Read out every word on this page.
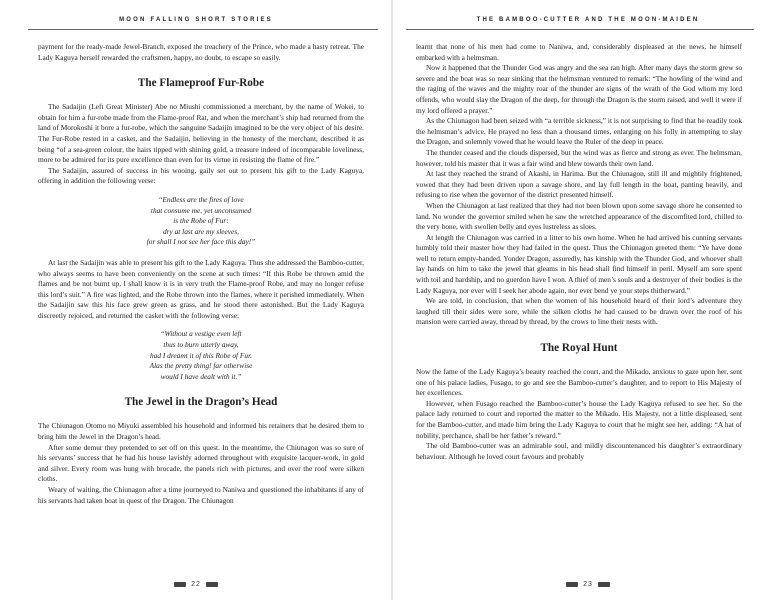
MOON FALLING SHORT STORIES

payment for the ready-made Jewel-Branch, exposed the treachery of the Prince, who made a hasty retreat. The Lady Kaguya herself rewarded the craftsmen, happy, no doubt, to escape so easily.

The Flameproof Fur-Robe

The Sadaijin (Left Great Minister) Abe no Miushi commissioned a merchant, by the name of Wokei, to obtain for him a fur-robe made from the Flame-proof Rat, and when the merchant’s ship had returned from the land of Morokoshi it bore a fur-robe, which the sanguine Sadaijin imagined to be the very object of his desire. The Fur-Robe rested in a casket, and the Sadaijin, believing in the honesty of the merchant, described it as being “of a sea-green colour, the hairs tipped with shining gold, a treasure indeed of incomparable loveliness, more to be admired for its pure excellence than even for its virtue in resisting the flame of fire.”

The Sadaijin, assured of success in his wooing, gaily set out to present his gift to the Lady Kaguya, offering in addition the following verse:

“Endless are the fires of love
that consume me, yet unconsumed
is the Robe of Fur:
dry at last are my sleeves,
for shall I not see her face this day!”

At last the Sadaijin was able to present his gift to the Lady Kaguya. Thus she addressed the Bamboo-cutter, who always seems to have been conveniently on the scene at such times: “If this Robe be thrown amid the flames and be not burnt up, I shall know it is in very truth the Flame-proof Robe, and may no longer refuse this lord’s suit.” A fire was lighted, and the Robe thrown into the flames, where it perished immediately. When the Sadaijin saw this his face grew green as grass, and he stood there astonished. But the Lady Kaguya discreetly rejoiced, and returned the casket with the following verse:

“Without a vestige even left
thus to burn utterly away,
had I dreamt it of this Robe of Fur.
Alas the pretty thing! far otherwise
would I have dealt with it.”
The Jewel in the Dragon’s Head

The Chiunagon Otomo no Miyuki assembled his household and informed his retainers that he desired them to bring him the Jewel in the Dragon’s head.

After some demur they pretended to set off on this quest. In the meantime, the Chiunagon was so sure of his servants’ success that he had his house lavishly adorned throughout with exquisite lacquer-work, in gold and silver. Every room was hung with brocade, the panels rich with pictures, and over the roof were silken cloths.

Weary of waiting, the Chiunagon after a time journeyed to Naniwa and questioned the inhabitants if any of his servants had taken boat in quest of the Dragon. The Chiunagon

22
THE BAMBOO-CUTTER AND THE MOON-MAIDEN

learnt that none of his men had come to Naniwa, and, considerably displeased at the news, he himself embarked with a helmsman.

Now it happened that the Thunder God was angry and the sea ran high. After many days the storm grew so severe and the boat was so near sinking that the helmsman ventured to remark: “The howling of the wind and the raging of the waves and the mighty roar of the thunder are signs of the wrath of the God whom my lord offends, who would slay the Dragon of the deep, for through the Dragon is the storm raised, and well it were if my lord offered a prayer.”

As the Chiunagon had been seized with “a terrible sickness,” it is not surprising to find that he readily took the helmsman’s advice. He prayed no less than a thousand times, enlarging on his folly in attempting to slay the Dragon, and solemnly vowed that he would leave the Ruler of the deep in peace.

The thunder ceased and the clouds dispersed, but the wind was as fierce and strong as ever. The helmsman, however, told his master that it was a fair wind and blew towards their own land.

At last they reached the strand of Akashi, in Harima. But the Chiunagon, still ill and mightily frightened, vowed that they had been driven upon a savage shore, and lay full length in the boat, panting heavily, and refusing to rise when the governor of the district presented himself.

When the Chiunagon at last realized that they had not been blown upon some savage shore he consented to land. No wonder the governor smiled when he saw the wretched appearance of the discomfited lord, chilled to the very bone, with swollen belly and eyes lustreless as sloes.

At length the Chiunagon was carried in a litter to his own home. When he had arrived his cunning servants humbly told their master how they had failed in the quest. Thus the Chiunagon greeted them: “Ye have done well to return empty-handed. Yonder Dragon, assuredly, has kinship with the Thunder God, and whoever shall lay hands on him to take the jewel that gleams in his head shall find himself in peril. Myself am sore spent with toil and hardship, and no guerdon have I won. A thief of men’s souls and a destroyer of their bodies is the Lady Kaguya, nor ever will I seek her abode again, nor ever bend ye your steps thitherward.”

We are told, in conclusion, that when the women of his household heard of their lord’s adventure they laughed till their sides were sore, while the silken cloths he had caused to be drawn over the roof of his mansion were carried away, thread by thread, by the crows to line their nests with.

The Royal Hunt

Now the fame of the Lady Kaguya’s beauty reached the court, and the Mikado, anxious to gaze upon her, sent one of his palace ladies, Fusago, to go and see the Bamboo-cutter’s daughter, and to report to His Majesty of her excellences.

However, when Fusago reached the Bamboo-cutter’s house the Lady Kaguya refused to see her. So the palace lady returned to court and reported the matter to the Mikado. His Majesty, not a little displeased, sent for the Bamboo-cutter, and made him bring the Lady Kaguya to court that he might see her, adding: “A hat of nobility, perchance, shall be her father’s reward.”

The old Bamboo-cutter was an admirable soul, and mildly discountenanced his daughter’s extraordinary behaviour. Although he loved court favours and probably

23
